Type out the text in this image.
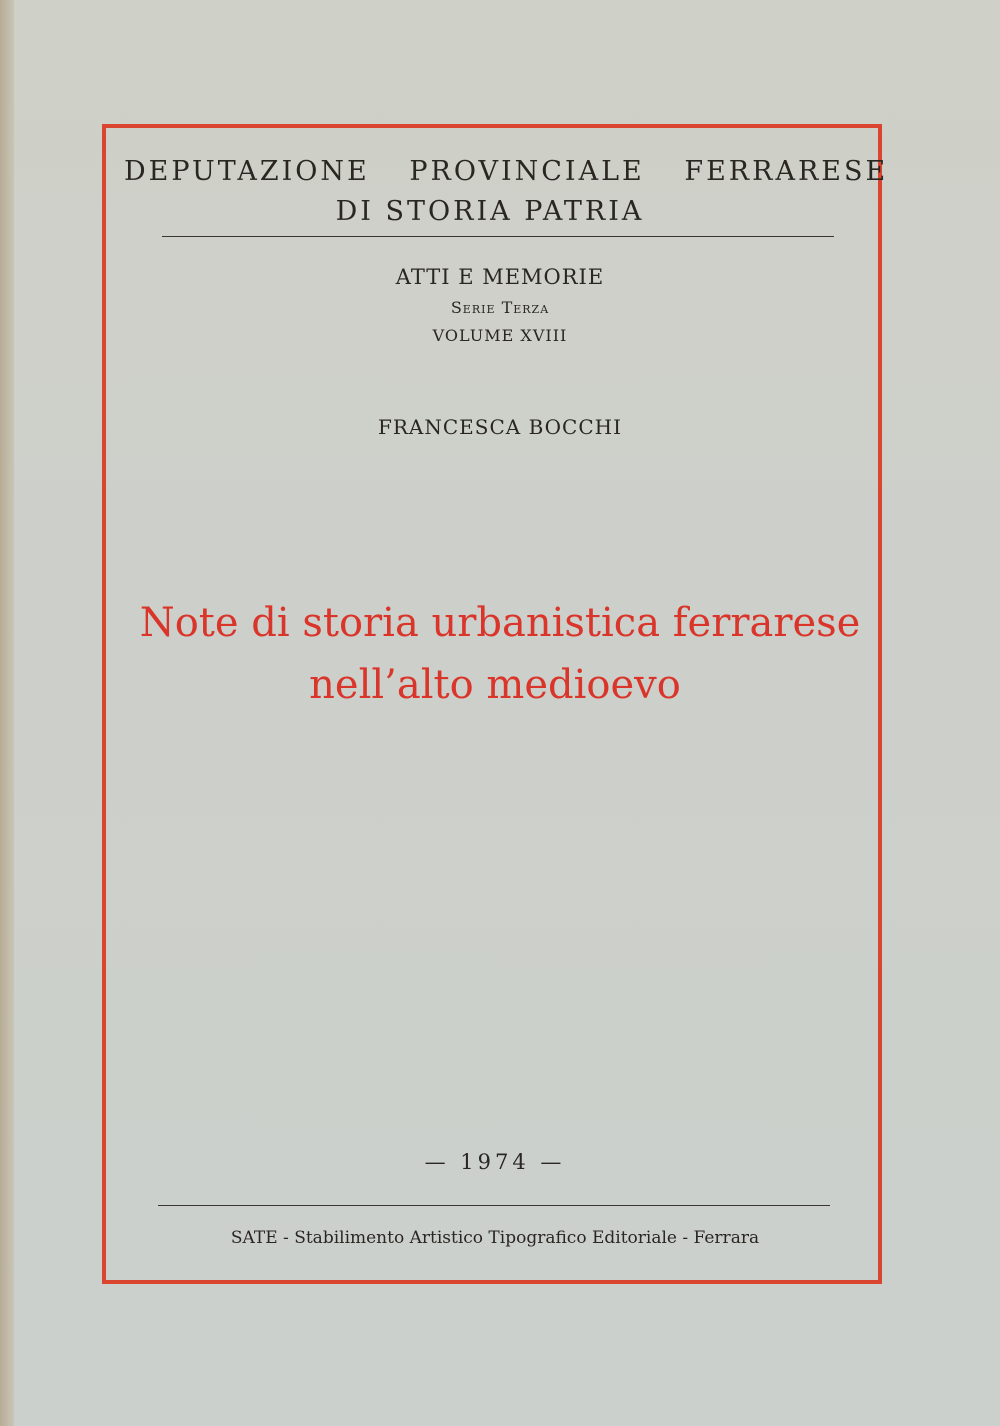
DEPUTAZIONE PROVINCIALE FERRARESE
DI STORIA PATRIA
ATTI E MEMORIE
Serie Terza
VOLUME XVIII
FRANCESCA BOCCHI
Note di storia urbanistica ferrarese
nell’alto medioevo
— 1974 —
SATE - Stabilimento Artistico Tipografico Editoriale - Ferrara
